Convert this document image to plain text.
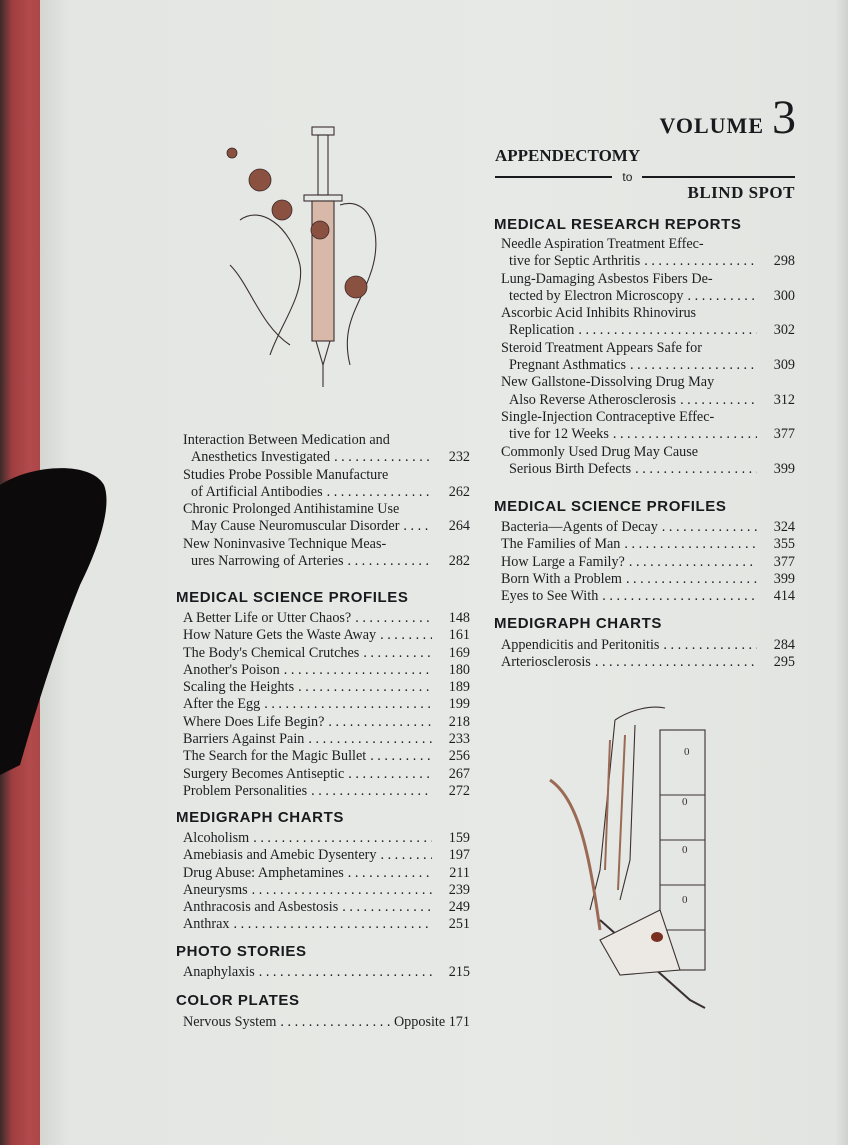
0
0
0
0
Interaction Between Medication and
Anesthetics Investigated . . .	232
Studies Probe Possible Manufacture
of Artificial Antibodies . . .	262
Chronic Prolonged Antihistamine Use
May Cause Neuromuscular Disorder . . .	264
New Noninvasive Technique Meas-
ures Narrowing of Arteries . . .	282
MEDICAL SCIENCE PROFILES
A Better Life or Utter Chaos? . . .	148
How Nature Gets the Waste Away . . .	161
The Body's Chemical Crutches . . .	169
Another's Poison . . .	180
Scaling the Heights . . .	189
After the Egg . . .	199
Where Does Life Begin? . . .	218
Barriers Against Pain . . .	233
The Search for the Magic Bullet . . .	256
Surgery Becomes Antiseptic . . .	267
Problem Personalities . . .	272
MEDIGRAPH CHARTS
Alcoholism . . .	159
Amebiasis and Amebic Dysentery . . .	197
Drug Abuse: Amphetamines . . .	211
Aneurysms . . .	239
Anthracosis and Asbestosis . . .	249
Anthrax . . .	251
PHOTO STORIES
Anaphylaxis . . .	215
COLOR PLATES
Nervous System . . .	Opposite 171
VOLUME 3
APPENDECTOMY
to
BLIND SPOT
MEDICAL RESEARCH REPORTS
Needle Aspiration Treatment Effec-
tive for Septic Arthritis . . .	298
Lung-Damaging Asbestos Fibers De-
tected by Electron Microscopy . . .	300
Ascorbic Acid Inhibits Rhinovirus
Replication . . .	302
Steroid Treatment Appears Safe for
Pregnant Asthmatics . . .	309
New Gallstone-Dissolving Drug May
Also Reverse Atherosclerosis . . .	312
Single-Injection Contraceptive Effec-
tive for 12 Weeks . . .	377
Commonly Used Drug May Cause
Serious Birth Defects . . .	399
MEDICAL SCIENCE PROFILES
Bacteria—Agents of Decay . . .	324
The Families of Man . . .	355
How Large a Family? . . .	377
Born With a Problem . . .	399
Eyes to See With . . .	414
MEDIGRAPH CHARTS
Appendicitis and Peritonitis . . .	284
Arteriosclerosis . . .	295
